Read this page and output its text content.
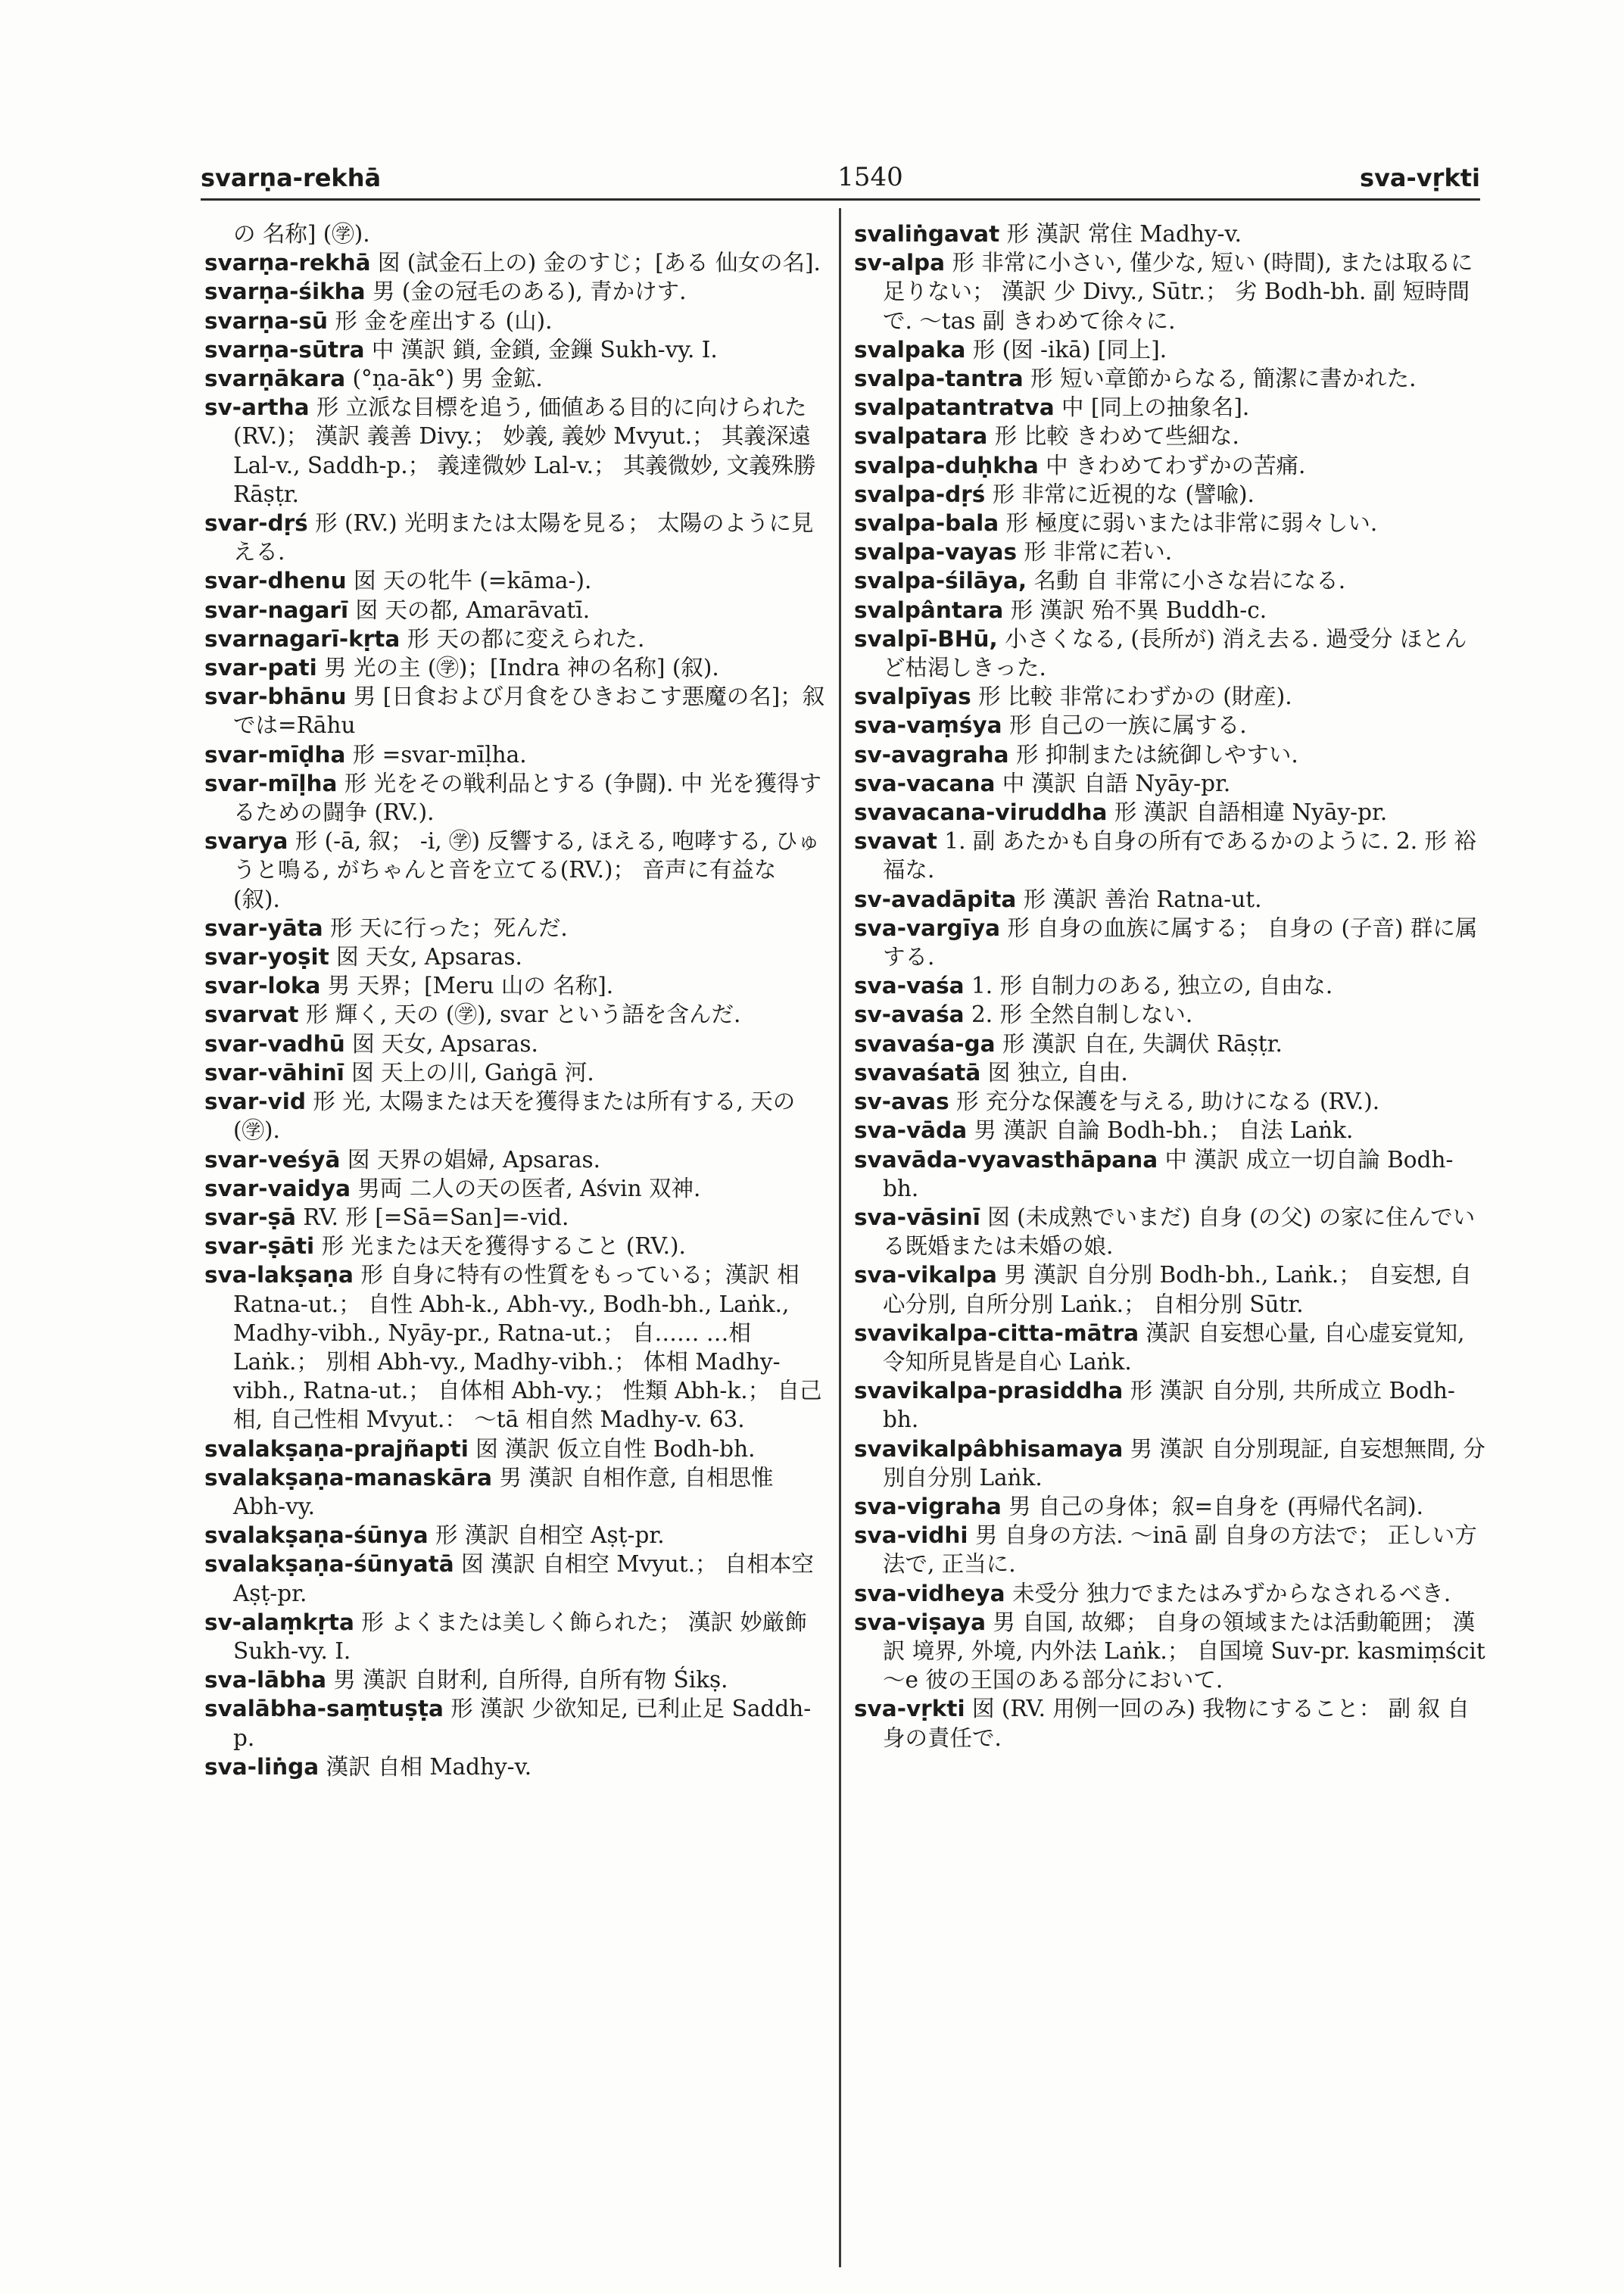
svarṇa-rekhā	1540	sva-vṛkti

の 名称] (㊫).

svarṇa-rekhā 囡 (試金石上の) 金のすじ；[ある 仙女の名].

svarṇa-śikha 男 (金の冠毛のある), 青かけす.

svarṇa-sū 形 金を産出する (山).

svarṇa-sūtra 中 漢訳 鎖, 金鎖, 金鏁 Sukh-vy. I.

svarṇākara (°ṇa-āk°) 男 金鉱.

sv-artha 形 立派な目標を追う, 価値ある目的に向けられた (RV.)； 漢訳 義善 Divy.； 妙義, 義妙 Mvyut.； 其義深遠 Lal-v., Saddh-p.； 義達微妙 Lal-v.； 其義微妙, 文義殊勝 Rāṣṭr.

svar-dṛś 形 (RV.) 光明または太陽を見る； 太陽のように見える.

svar-dhenu 囡 天の牝牛 (=kāma-).

svar-nagarī 囡 天の都, Amarāvatī.

svarnagarī-kṛta 形 天の都に変えられた.

svar-pati 男 光の主 (㊫)；[Indra 神の名称] (叙).

svar-bhānu 男 [日食および月食をひきおこす悪魔の名]；叙 では=Rāhu

svar-mīḍha 形 =svar-mīḷha.

svar-mīḷha 形 光をその戦利品とする (争闘). 中 光を獲得するための闘争 (RV.).

svarya 形 (-ā, 叙； -i, ㊫) 反響する, ほえる, 咆哮する, ひゅうと鳴る, がちゃんと音を立てる(RV.)； 音声に有益な (叙).

svar-yāta 形 天に行った；死んだ.

svar-yoṣit 囡 天女, Apsaras.

svar-loka 男 天界；[Meru 山の 名称].

svarvat 形 輝く, 天の (㊫), svar という語を含んだ.

svar-vadhū 囡 天女, Apsaras.

svar-vāhinī 囡 天上の川, Gaṅgā 河.

svar-vid 形 光, 太陽または天を獲得または所有する, 天の (㊫).

svar-veśyā 囡 天界の娼婦, Apsaras.

svar-vaidya 男両 二人の天の医者, Aśvin 双神.

svar-ṣā RV. 形 [=Sā=San]=-vid.

svar-ṣāti 形 光または天を獲得すること (RV.).

sva-lakṣaṇa 形 自身に特有の性質をもっている；漢訳 相 Ratna-ut.； 自性 Abh-k., Abh-vy., Bodh-bh., Laṅk., Madhy-vibh., Nyāy-pr., Ratna-ut.； 自…… …相 Laṅk.； 別相 Abh-vy., Madhy-vibh.； 体相 Madhy-vibh., Ratna-ut.； 自体相 Abh-vy.； 性類 Abh-k.； 自己相, 自己性相 Mvyut.： ～tā 相自然 Madhy-v. 63.

svalakṣaṇa-prajñapti 囡 漢訳 仮立自性 Bodh-bh.

svalakṣaṇa-manaskāra 男 漢訳 自相作意, 自相思惟 Abh-vy.

svalakṣaṇa-śūnya 形 漢訳 自相空 Aṣṭ-pr.

svalakṣaṇa-śūnyatā 囡 漢訳 自相空 Mvyut.； 自相本空 Aṣṭ-pr.

sv-alaṃkṛta 形 よくまたは美しく飾られた； 漢訳 妙厳飾 Sukh-vy. I.

sva-lābha 男 漢訳 自財利, 自所得, 自所有物 Śikṣ.

svalābha-saṃtuṣṭa 形 漢訳 少欲知足, 已利止足 Saddh-p.

sva-liṅga 漢訳 自相 Madhy-v.

svaliṅgavat 形 漢訳 常住 Madhy-v.

sv-alpa 形 非常に小さい, 僅少な, 短い (時間), または取るに足りない； 漢訳 少 Divy., Sūtr.； 劣 Bodh-bh. 副 短時間で. ～tas 副 きわめて徐々に.

svalpaka 形 (囡 -ikā) [同上].

svalpa-tantra 形 短い章節からなる, 簡潔に書かれた.

svalpatantratva 中 [同上の抽象名].

svalpatara 形 比較 きわめて些細な.

svalpa-duḥkha 中 きわめてわずかの苦痛.

svalpa-dṛś 形 非常に近視的な (譬喩).

svalpa-bala 形 極度に弱いまたは非常に弱々しい.

svalpa-vayas 形 非常に若い.

svalpa-śilāya, 名動 自 非常に小さな岩になる.

svalpântara 形 漢訳 殆不異 Buddh-c.

svalpī-BHū, 小さくなる, (長所が) 消え去る. 過受分 ほとんど枯渇しきった.

svalpīyas 形 比較 非常にわずかの (財産).

sva-vaṃśya 形 自己の一族に属する.

sv-avagraha 形 抑制または統御しやすい.

sva-vacana 中 漢訳 自語 Nyāy-pr.

svavacana-viruddha 形 漢訳 自語相違 Nyāy-pr.

svavat 1. 副 あたかも自身の所有であるかのように. 2. 形 裕福な.

sv-avadāpita 形 漢訳 善治 Ratna-ut.

sva-vargīya 形 自身の血族に属する； 自身の (子音) 群に属する.

sva-vaśa 1. 形 自制力のある, 独立の, 自由な.

sv-avaśa 2. 形 全然自制しない.

svavaśa-ga 形 漢訳 自在, 失調伏 Rāṣṭr.

svavaśatā 囡 独立, 自由.

sv-avas 形 充分な保護を与える, 助けになる (RV.).

sva-vāda 男 漢訳 自論 Bodh-bh.； 自法 Laṅk.

svavāda-vyavasthāpana 中 漢訳 成立一切自論 Bodh-bh.

sva-vāsinī 囡 (未成熟でいまだ) 自身 (の父) の家に住んでいる既婚または未婚の娘.

sva-vikalpa 男 漢訳 自分別 Bodh-bh., Laṅk.； 自妄想, 自心分別, 自所分別 Laṅk.； 自相分別 Sūtr.

svavikalpa-citta-mātra 漢訳 自妄想心量, 自心虚妄覚知, 令知所見皆是自心 Laṅk.

svavikalpa-prasiddha 形 漢訳 自分別, 共所成立 Bodh-bh.

svavikalpâbhisamaya 男 漢訳 自分別現証, 自妄想無間, 分別自分別 Laṅk.

sva-vigraha 男 自己の身体；叙=自身を (再帰代名詞).

sva-vidhi 男 自身の方法. ～inā 副 自身の方法で； 正しい方法で, 正当に.

sva-vidheya 未受分 独力でまたはみずからなされるべき.

sva-viṣaya 男 自国, 故郷； 自身の領域または活動範囲； 漢訳 境界, 外境, 内外法 Laṅk.； 自国境 Suv-pr. kasmiṃścit ～e 彼の王国のある部分において.

sva-vṛkti 囡 (RV. 用例一回のみ) 我物にすること： 副 叙 自身の責任で.
